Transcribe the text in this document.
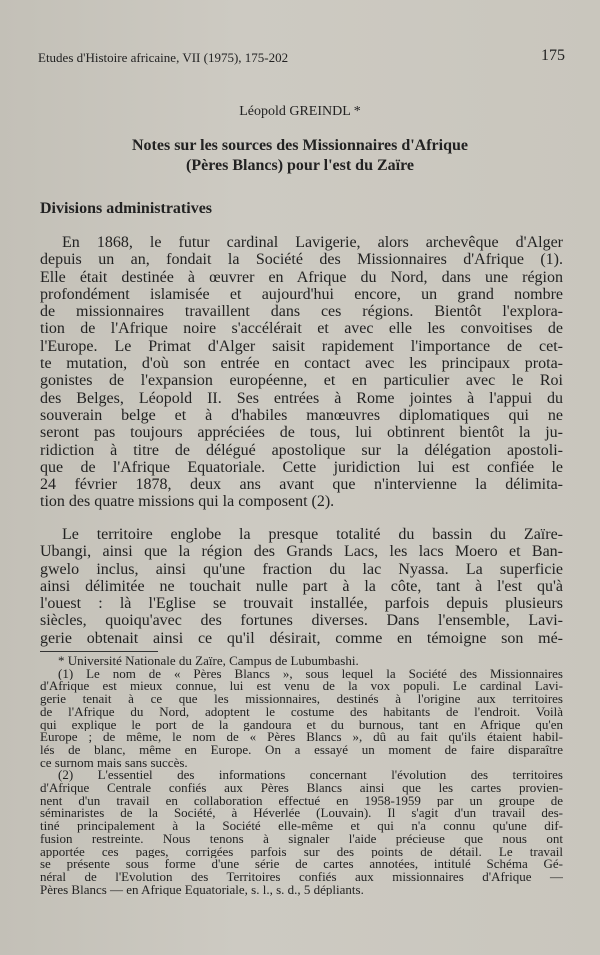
Etudes d'Histoire africaine, VII (1975), 175-202	175
Léopold GREINDL *
Notes sur les sources des Missionnaires d'Afrique
(Pères Blancs) pour l'est du Zaïre
Divisions administratives
En 1868, le futur cardinal Lavigerie, alors archevêque d'Alger
depuis un an, fondait la Société des Missionnaires d'Afrique (1).
Elle était destinée à œuvrer en Afrique du Nord, dans une région
profondément islamisée et aujourd'hui encore, un grand nombre
de missionnaires travaillent dans ces régions. Bientôt l'explora-
tion de l'Afrique noire s'accélérait et avec elle les convoitises de
l'Europe. Le Primat d'Alger saisit rapidement l'importance de cet-
te mutation, d'où son entrée en contact avec les principaux prota-
gonistes de l'expansion européenne, et en particulier avec le Roi
des Belges, Léopold II. Ses entrées à Rome jointes à l'appui du
souverain belge et à d'habiles manœuvres diplomatiques qui ne
seront pas toujours appréciées de tous, lui obtinrent bientôt la ju-
ridiction à titre de délégué apostolique sur la délégation apostoli-
que de l'Afrique Equatoriale. Cette juridiction lui est confiée le
24 février 1878, deux ans avant que n'intervienne la délimita-
tion des quatre missions qui la composent (2).
Le territoire englobe la presque totalité du bassin du Zaïre-
Ubangi, ainsi que la région des Grands Lacs, les lacs Moero et Ban-
gwelo inclus, ainsi qu'une fraction du lac Nyassa. La superficie
ainsi délimitée ne touchait nulle part à la côte, tant à l'est qu'à
l'ouest : là l'Eglise se trouvait installée, parfois depuis plusieurs
siècles, quoiqu'avec des fortunes diverses. Dans l'ensemble, Lavi-
gerie obtenait ainsi ce qu'il désirait, comme en témoigne son mé-
* Université Nationale du Zaïre, Campus de Lubumbashi.
(1) Le nom de « Pères Blancs », sous lequel la Société des Missionnaires
d'Afrique est mieux connue, lui est venu de la vox populi. Le cardinal Lavi-
gerie tenait à ce que les missionnaires, destinés à l'origine aux territoires
de l'Afrique du Nord, adoptent le costume des habitants de l'endroit. Voilà
qui explique le port de la gandoura et du burnous, tant en Afrique qu'en
Europe ; de même, le nom de « Pères Blancs », dû au fait qu'ils étaient habil-
lés de blanc, même en Europe. On a essayé un moment de faire disparaître
ce surnom mais sans succès.
(2) L'essentiel des informations concernant l'évolution des territoires
d'Afrique Centrale confiés aux Pères Blancs ainsi que les cartes provien-
nent d'un travail en collaboration effectué en 1958-1959 par un groupe de
séminaristes de la Société, à Héverlée (Louvain). Il s'agit d'un travail des-
tiné principalement à la Société elle-même et qui n'a connu qu'une dif-
fusion restreinte. Nous tenons à signaler l'aide précieuse que nous ont
apportée ces pages, corrigées parfois sur des points de détail. Le travail
se présente sous forme d'une série de cartes annotées, intitulé Schéma Gé-
néral de l'Evolution des Territoires confiés aux missionnaires d'Afrique —
Pères Blancs — en Afrique Equatoriale, s. l., s. d., 5 dépliants.
